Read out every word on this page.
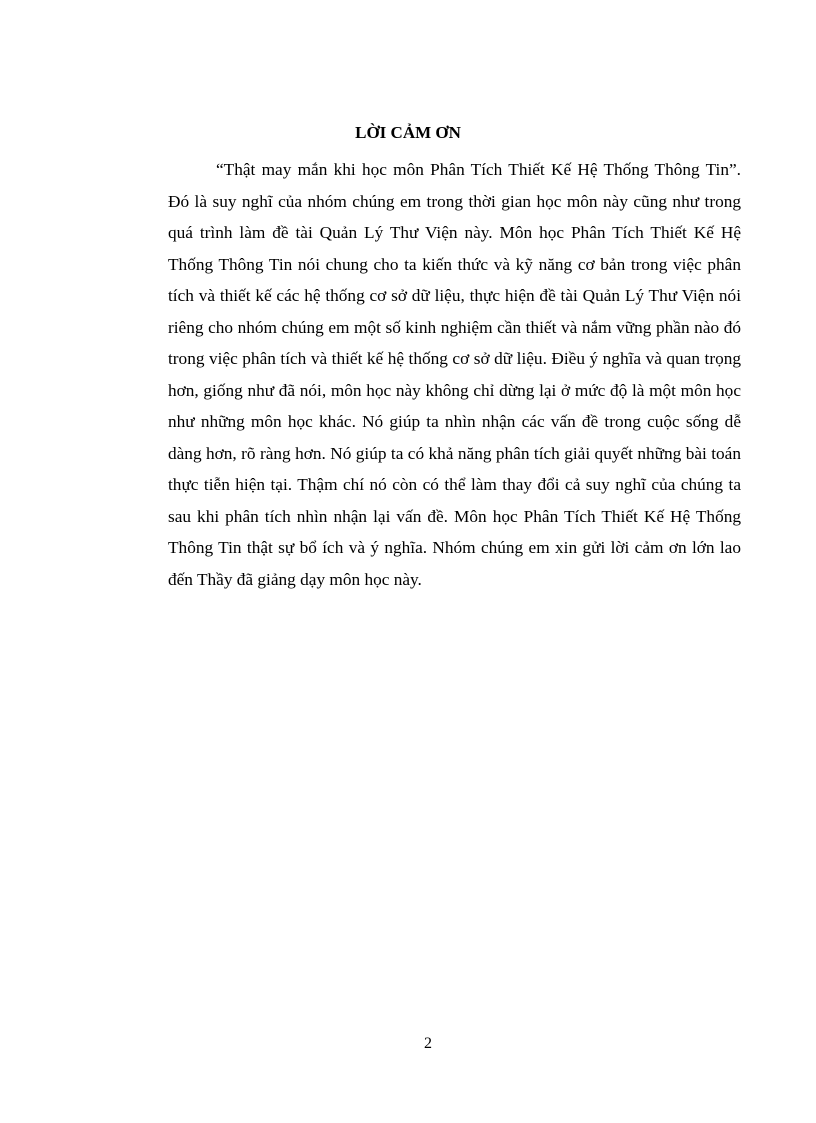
LỜI CẢM ƠN

“Thật may mắn khi học môn Phân Tích Thiết Kế Hệ Thống Thông Tin”. Đó là suy nghĩ của nhóm chúng em trong thời gian học môn này cũng như trong quá trình làm đề tài Quản Lý Thư Viện này. Môn học Phân Tích Thiết Kế Hệ Thống Thông Tin nói chung cho ta kiến thức và kỹ năng cơ bản trong việc phân tích và thiết kế các hệ thống cơ sở dữ liệu, thực hiện đề tài Quản Lý Thư Viện nói riêng cho nhóm chúng em một số kinh nghiệm cần thiết và nắm vững phần nào đó trong việc phân tích và thiết kế hệ thống cơ sở dữ liệu. Điều ý nghĩa và quan trọng hơn, giống như đã nói, môn học này không chỉ dừng lại ở mức độ là một môn học như những môn học khác. Nó giúp ta nhìn nhận các vấn đề trong cuộc sống dễ dàng hơn, rõ ràng hơn. Nó giúp ta có khả năng phân tích giải quyết những bài toán thực tiễn hiện tại. Thậm chí nó còn có thể làm thay đổi cả suy nghĩ của chúng ta sau khi phân tích nhìn nhận lại vấn đề. Môn học Phân Tích Thiết Kế Hệ Thống Thông Tin thật sự bổ ích và ý nghĩa. Nhóm chúng em xin gửi lời cảm ơn lớn lao đến Thầy đã giảng dạy môn học này.

2
